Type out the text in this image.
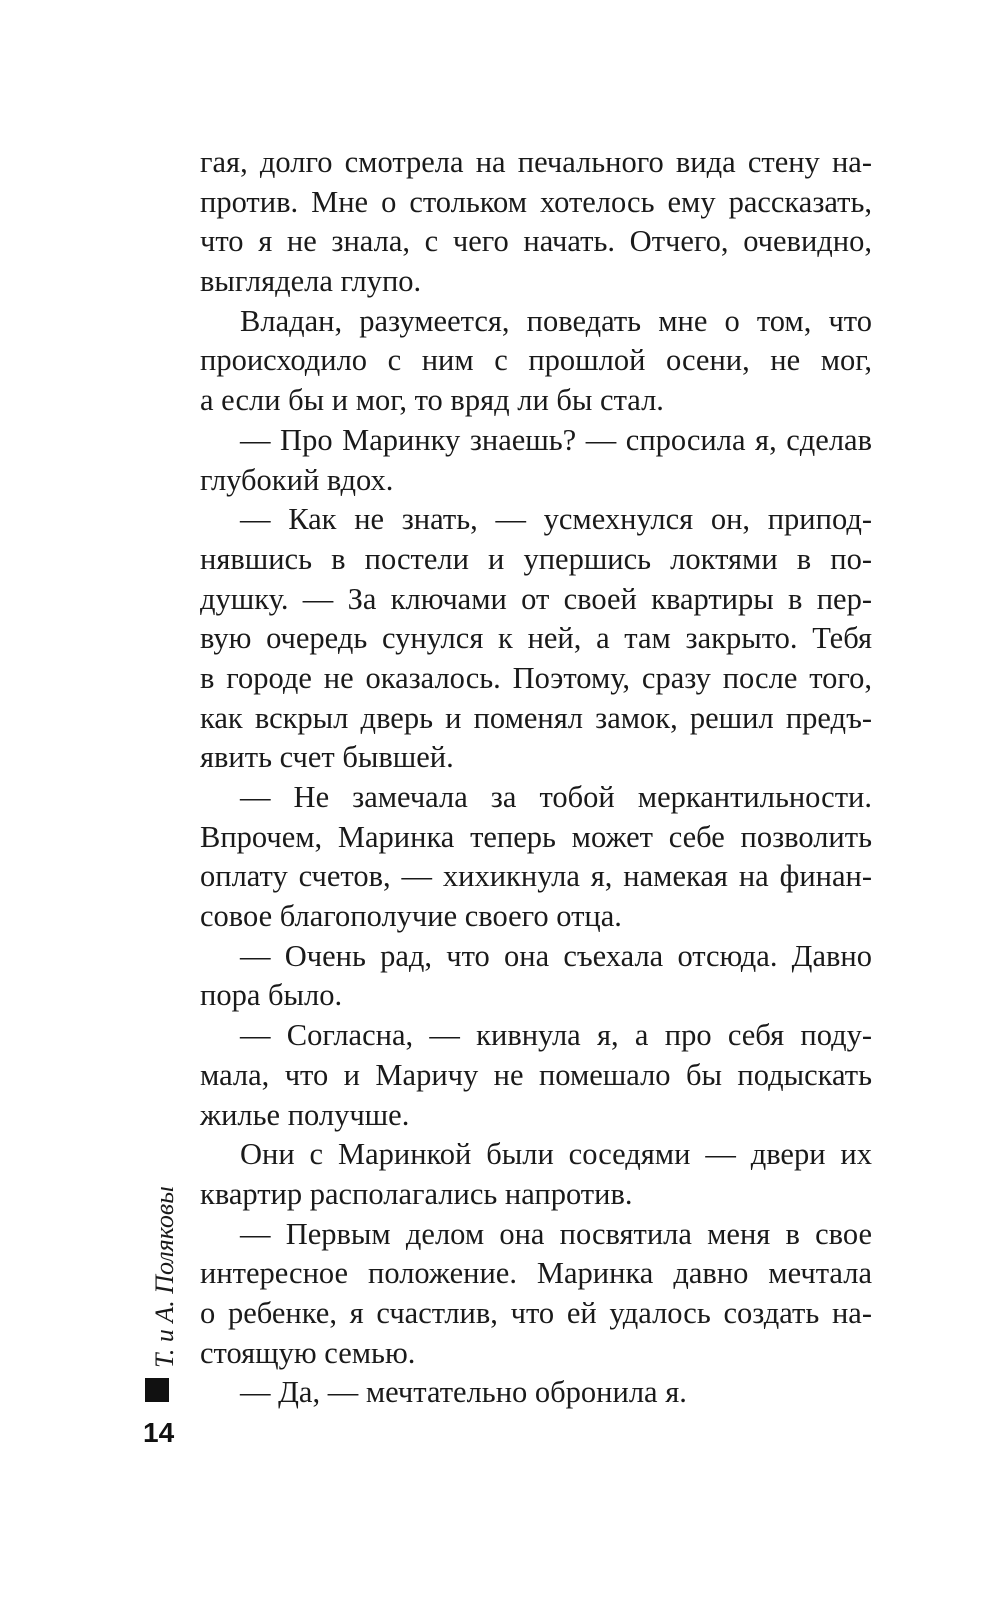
гая, долго смотрела на печального вида стену на-
против. Мне о стольком хотелось ему рассказать,
что я не знала, с чего начать. Отчего, очевидно,
выглядела глупо.
Владан, разумеется, поведать мне о том, что
происходило с ним с прошлой осени, не мог,
а если бы и мог, то вряд ли бы стал.
— Про Маринку знаешь? — спросила я, сделав
глубокий вдох.
— Как не знать, — усмехнулся он, припод-
нявшись в постели и упершись локтями в по-
душку. — За ключами от своей квартиры в пер-
вую очередь сунулся к ней, а там закрыто. Тебя
в городе не оказалось. Поэтому, сразу после того,
как вскрыл дверь и поменял замок, решил предъ-
явить счет бывшей.
— Не замечала за тобой меркантильности.
Впрочем, Маринка теперь может себе позволить
оплату счетов, — хихикнула я, намекая на финан-
совое благополучие своего отца.
— Очень рад, что она съехала отсюда. Давно
пора было.
— Согласна, — кивнула я, а про себя поду-
мала, что и Маричу не помешало бы подыскать
жилье получше.
Они с Маринкой были соседями — двери их
квартир располагались напротив.
— Первым делом она посвятила меня в свое
интересное положение. Маринка давно мечтала
о ребенке, я счастлив, что ей удалось создать на-
стоящую семью.
— Да, — мечтательно обронила я.
Т. и А. Поляковы
14
